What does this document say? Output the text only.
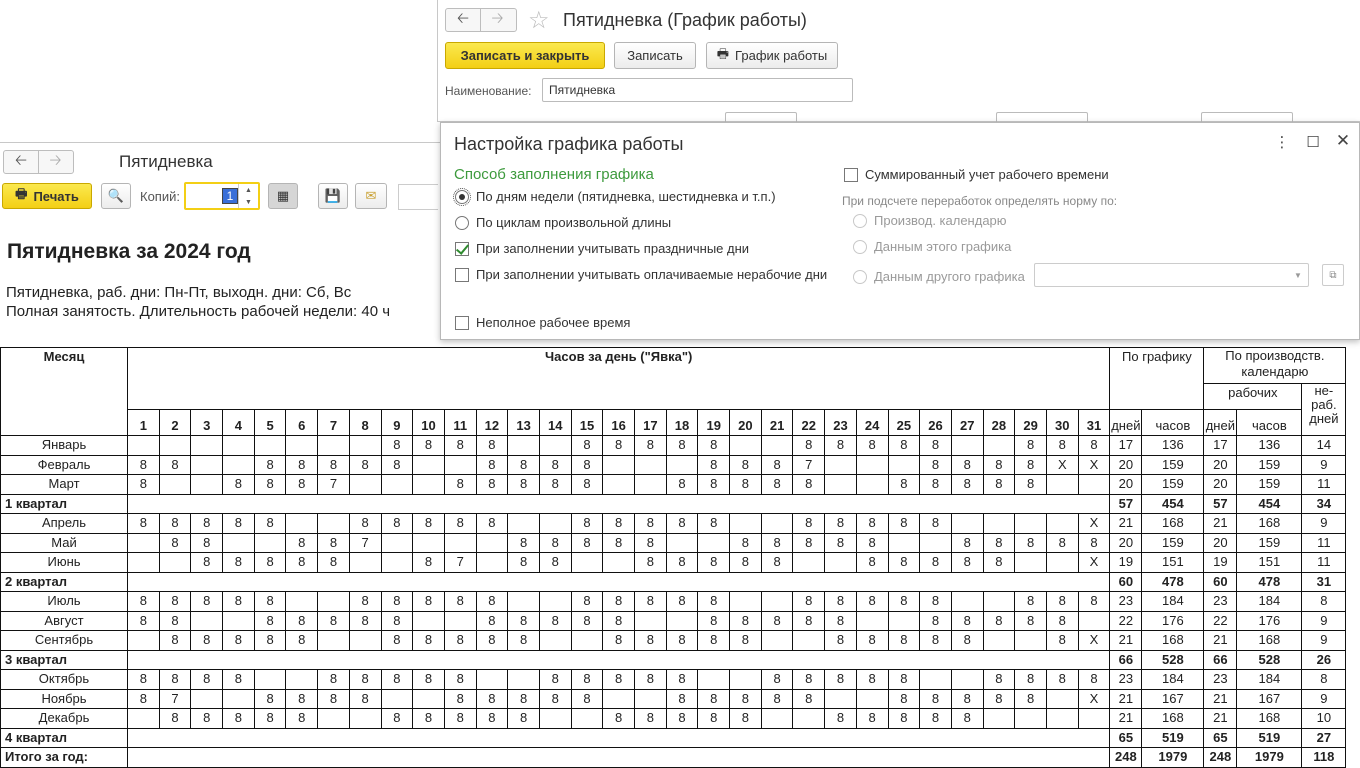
🡠	🡢	Пятидневка
🖶 Печать 🔍 Копий:	1	▲
▼ ▦	💾 ✉
Пятидневка за 2024 год
Пятидневка, раб. дни: Пн-Пт, выходн. дни: Сб, Вс
Полная занятость. Длительность рабочей недели: 40 ч
Месяц	Часов за день ("Явка")																															По графику		По производств. календарю		
																																		рабочих		не- раб. дней
	1	2	3	4	5	6	7	8	9	10	11	12	13	14	15	16	17	18	19	20	21	22	23	24	25	26	27	28	29	30	31	дней	часов	дней	часов	
Январь									8	8	8	8			8	8	8	8	8			8	8	8	8	8			8	8	8	17	136	17	136	14
Февраль	8	8			8	8	8	8	8			8	8	8	8				8	8	8	7				8	8	8	8	X	X	20	159	20	159	9
Март	8			8	8	8	7				8	8	8	8	8			8	8	8	8	8			8	8	8	8	8			20	159	20	159	11
1 квартал																																57	454	57	454	34
Апрель	8	8	8	8	8			8	8	8	8	8			8	8	8	8	8			8	8	8	8	8					X	21	168	21	168	9
Май		8	8			8	8	7					8	8	8	8	8			8	8	8	8	8			8	8	8	8	8	20	159	20	159	11
Июнь			8	8	8	8	8			8	7		8	8			8	8	8	8	8			8	8	8	8	8			X	19	151	19	151	11
2 квартал																																60	478	60	478	31
Июль	8	8	8	8	8			8	8	8	8	8			8	8	8	8	8			8	8	8	8	8			8	8	8	23	184	23	184	8
Август	8	8			8	8	8	8	8			8	8	8	8	8			8	8	8	8	8			8	8	8	8	8		22	176	22	176	9
Сентябрь		8	8	8	8	8			8	8	8	8	8			8	8	8	8	8			8	8	8	8	8			8	X	21	168	21	168	9
3 квартал																																66	528	66	528	26
Октябрь	8	8	8	8			8	8	8	8	8			8	8	8	8	8			8	8	8	8	8			8	8	8	8	23	184	23	184	8
Ноябрь	8	7			8	8	8	8			8	8	8	8	8			8	8	8	8	8			8	8	8	8	8		X	21	167	21	167	9
Декабрь		8	8	8	8	8			8	8	8	8	8			8	8	8	8	8			8	8	8	8	8					21	168	21	168	10
4 квартал																																65	519	65	519	27
Итого за год:																																248	1979	248	1979	118
🡠	🡢	☆ Пятидневка (График работы)
Записать и закрыть	Записать	🖶 График работы
Наименование:	Пятидневка
Настройка графика работы	⋮ ☐ ✕
Способ заполнения графика
По дням недели (пятидневка, шестидневка и т.п.)
По циклам произвольной длины
При заполнении учитывать праздничные дни
При заполнении учитывать оплачиваемые нерабочие дни
Неполное рабочее время
Суммированный учет рабочего времени
При подсчете переработок определять норму по:
Производ. календарю
Данным этого графика
Данным другого графика	▼	⧉
